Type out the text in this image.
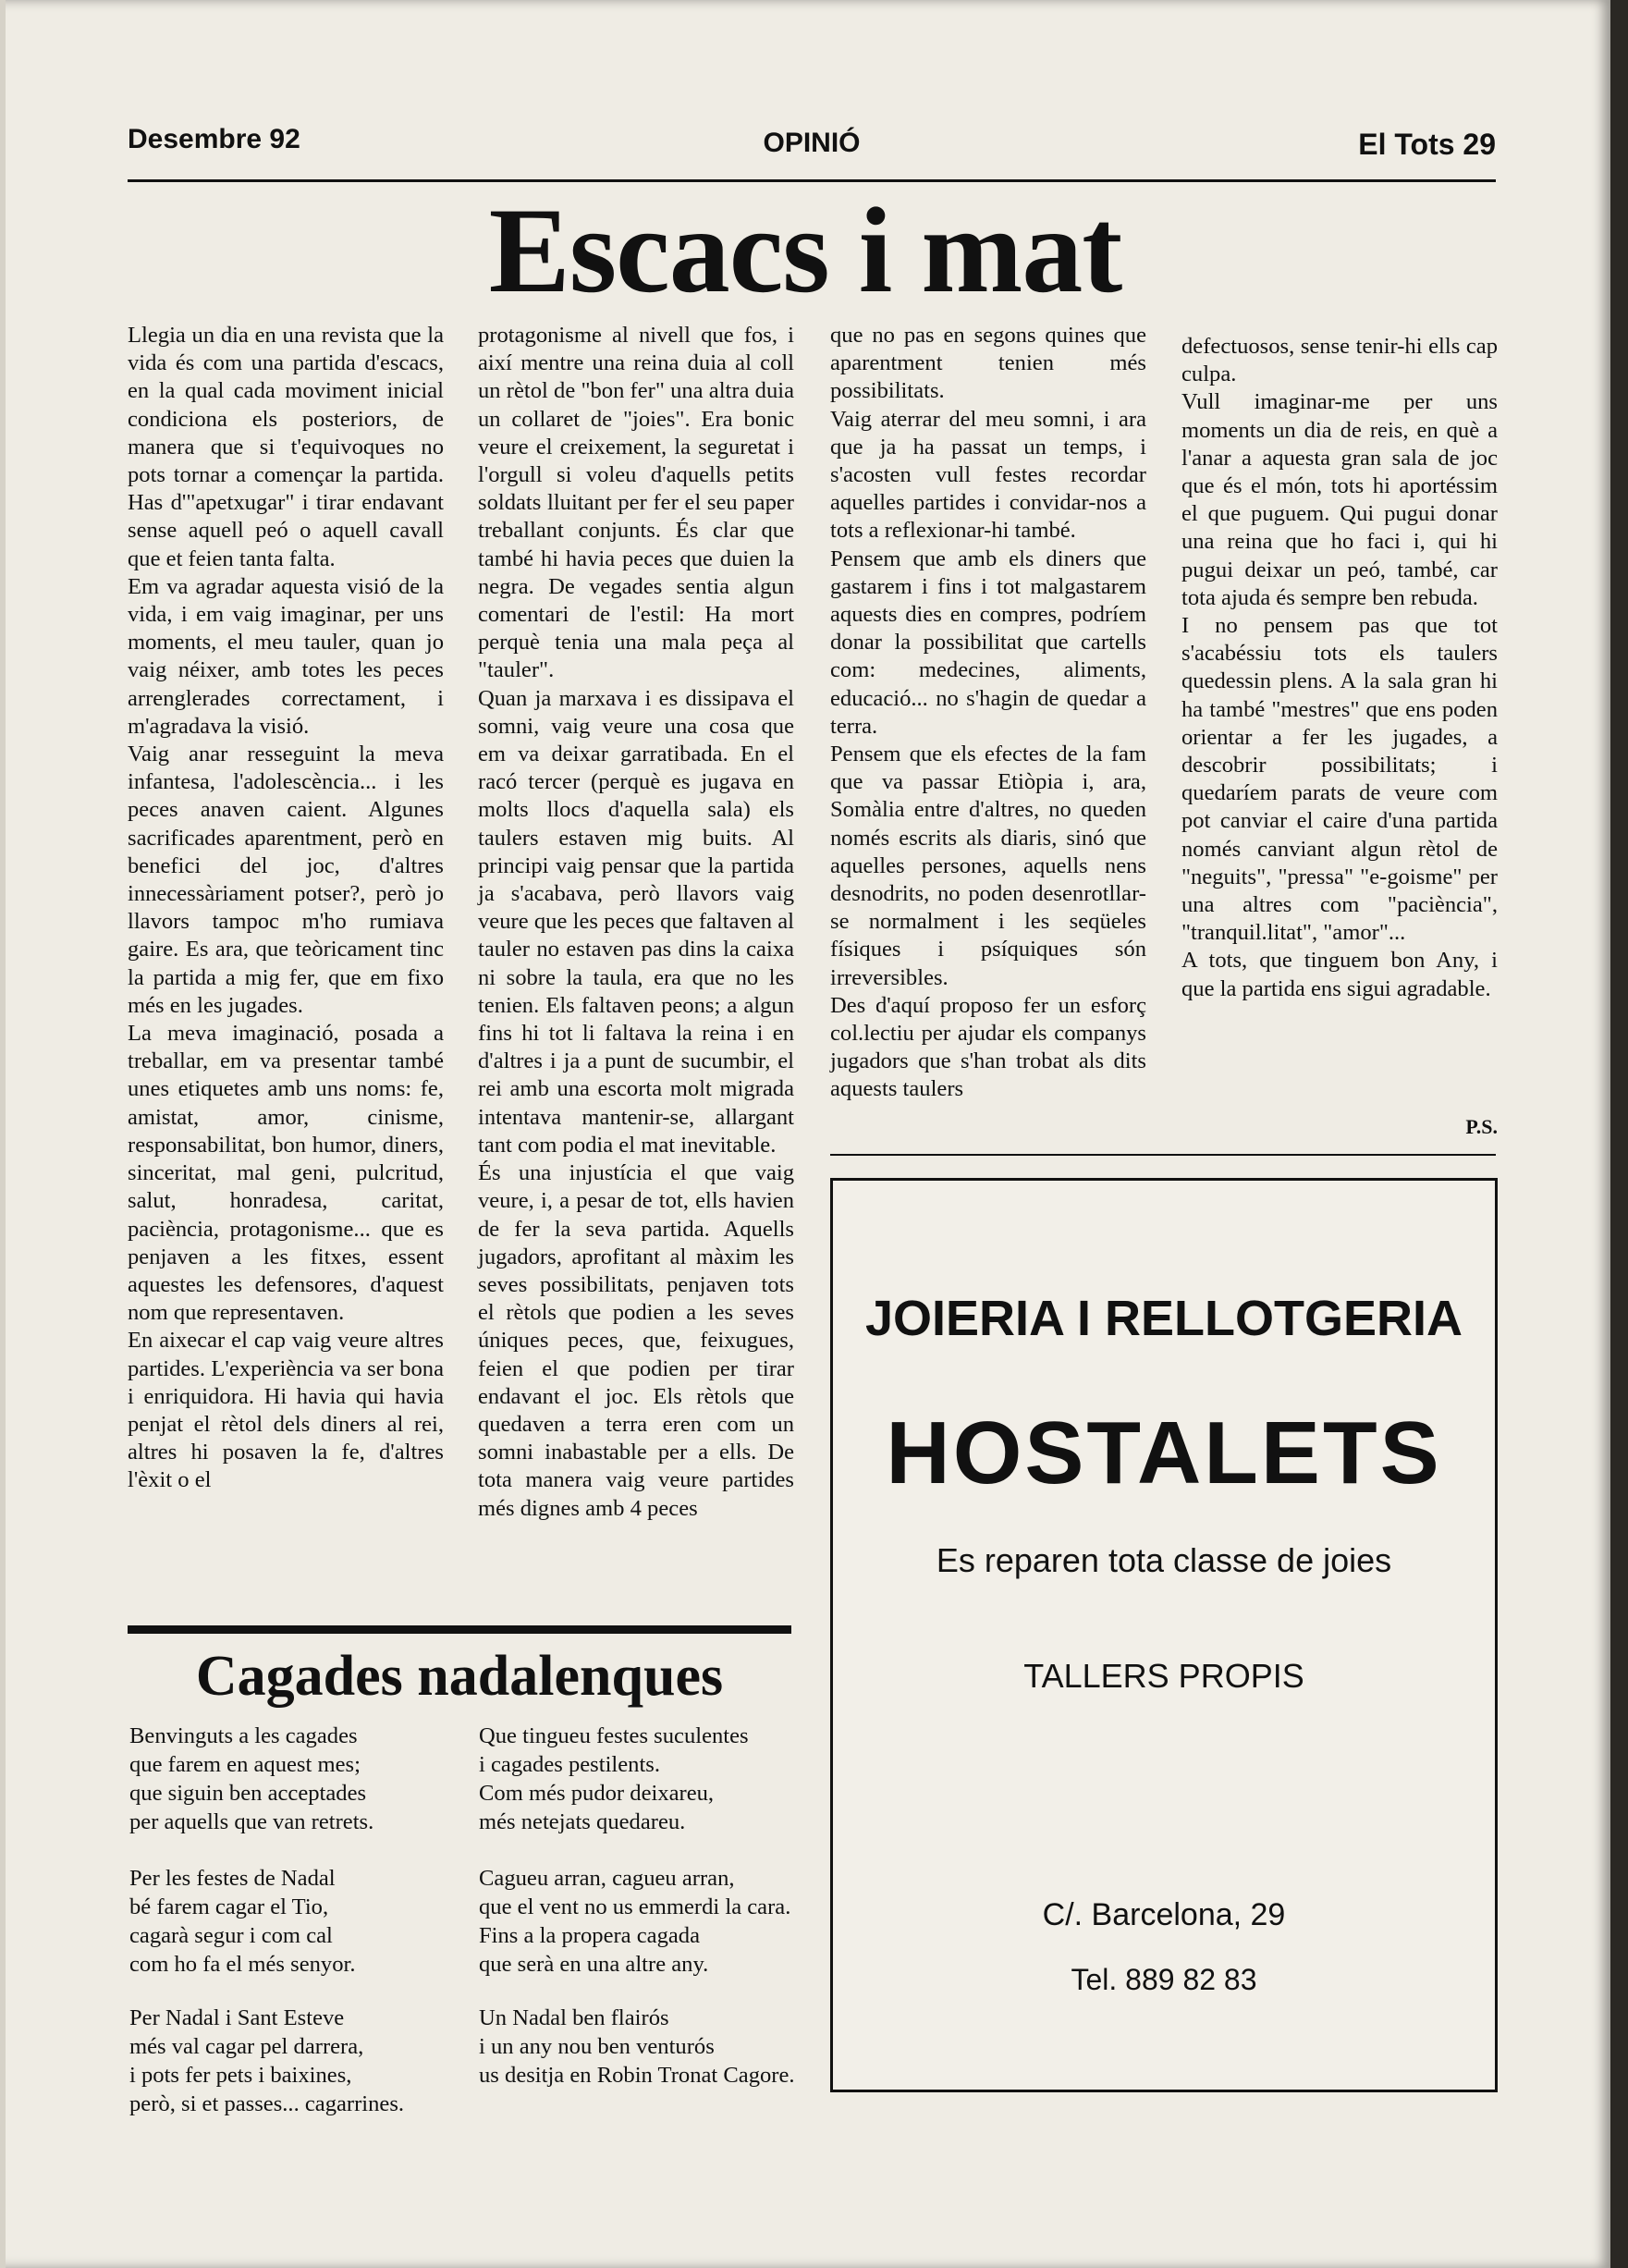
Desembre 92	OPINIÓ	El Tots 29
Escacs i mat

Llegia un dia en una revista que la vida és com una partida d'escacs, en la qual cada moviment inicial condiciona els posteriors, de manera que si t'equivoques no pots tornar a començar la partida. Has d'"apetxugar" i tirar endavant sense aquell peó o aquell cavall que et feien tanta falta.

Em va agradar aquesta visió de la vida, i em vaig imaginar, per uns moments, el meu tauler, quan jo vaig néixer, amb totes les peces arrenglerades correctament, i m'agradava la visió.

Vaig anar resseguint la meva infantesa, l'adolescència... i les peces anaven caient. Algunes sacrificades aparentment, però en benefici del joc, d'altres innecessàriament potser?, però jo llavors tampoc m'ho rumiava gaire. Es ara, que teòricament tinc la partida a mig fer, que em fixo més en les jugades.

La meva imaginació, posada a treballar, em va presentar també unes etiquetes amb uns noms: fe, amistat, amor, cinisme, responsabilitat, bon humor, diners, sinceritat, mal geni, pulcritud, salut, honradesa, caritat, paciència, protagonisme... que es penjaven a les fitxes, essent aquestes les defensores, d'aquest nom que representaven.

En aixecar el cap vaig veure altres partides. L'experiència va ser bona i enriquidora. Hi havia qui havia penjat el rètol dels diners al rei, altres hi posaven la fe, d'altres l'èxit o el

protagonisme al nivell que fos, i així mentre una reina duia al coll un rètol de "bon fer" una altra duia un collaret de "joies". Era bonic veure el creixement, la seguretat i l'orgull si voleu d'aquells petits soldats lluitant per fer el seu paper treballant conjunts. És clar que també hi havia peces que duien la negra. De vegades sentia algun comentari de l'estil: Ha mort perquè tenia una mala peça al "tauler".

Quan ja marxava i es dissipava el somni, vaig veure una cosa que em va deixar garratibada. En el racó tercer (perquè es jugava en molts llocs d'aquella sala) els taulers estaven mig buits. Al principi vaig pensar que la partida ja s'acabava, però llavors vaig veure que les peces que faltaven al tauler no estaven pas dins la caixa ni sobre la taula, era que no les tenien. Els faltaven peons; a algun fins hi tot li faltava la reina i en d'altres i ja a punt de sucumbir, el rei amb una escorta molt migrada intentava mantenir-se, allargant tant com podia el mat inevitable.

És una injustícia el que vaig veure, i, a pesar de tot, ells havien de fer la seva partida. Aquells jugadors, aprofitant al màxim les seves possibilitats, penjaven tots el rètols que podien a les seves úniques peces, que, feixugues, feien el que podien per tirar endavant el joc. Els rètols que quedaven a terra eren com un somni inabastable per a ells. De tota manera vaig veure partides més dignes amb 4 peces

que no pas en segons quines que aparentment tenien més possibilitats.

Vaig aterrar del meu somni, i ara que ja ha passat un temps, i s'acosten vull festes recordar aquelles partides i convidar-nos a tots a reflexionar-hi també.

Pensem que amb els diners que gastarem i fins i tot malgastarem aquests dies en compres, podríem donar la possibilitat que cartells com: medecines, aliments, educació... no s'hagin de quedar a terra.

Pensem que els efectes de la fam que va passar Etiòpia i, ara, Somàlia entre d'altres, no queden només escrits als diaris, sinó que aquelles persones, aquells nens desnodrits, no poden desenrotllar-se normalment i les seqüeles físiques i psíquiques són irreversibles.

Des d'aquí proposo fer un esforç col.lectiu per ajudar els companys jugadors que s'han trobat als dits aquests taulers

defectuosos, sense tenir-hi ells cap culpa.

Vull imaginar-me per uns moments un dia de reis, en què a l'anar a aquesta gran sala de joc que és el món, tots hi aportéssim el que puguem. Qui pugui donar una reina que ho faci i, qui hi pugui deixar un peó, també, car tota ajuda és sempre ben rebuda.

I no pensem pas que tot s'acabéssiu tots els taulers quedessin plens. A la sala gran hi ha també "mestres" que ens poden orientar a fer les jugades, a descobrir possibilitats; i quedaríem parats de veure com pot canviar el caire d'una partida només canviant algun rètol de "neguits", "pressa" "e-goisme" per una altres com "paciència", "tranquil.litat", "amor"...

A tots, que tinguem bon Any, i que la partida ens sigui agradable.

P.S.
JOIERIA I RELLOTGERIA
HOSTALETS
Es reparen tota classe de joies
TALLERS PROPIS
C/. Barcelona, 29
Tel. 889 82 83
Cagades nadalenques
Benvinguts a les cagades
que farem en aquest mes;
que siguin ben acceptades
per aquells que van retrets.
Per les festes de Nadal
bé farem cagar el Tio,
cagarà segur i com cal
com ho fa el més senyor.
Per Nadal i Sant Esteve
més val cagar pel darrera,
i pots fer pets i baixines,
però, si et passes... cagarrines.
Que tingueu festes suculentes
i cagades pestilents.
Com més pudor deixareu,
més netejats quedareu.
Cagueu arran, cagueu arran,
que el vent no us emmerdi la cara.
Fins a la propera cagada
que serà en una altre any.
Un Nadal ben flairós
i un any nou ben venturós
us desitja en Robin Tronat Cagore.
